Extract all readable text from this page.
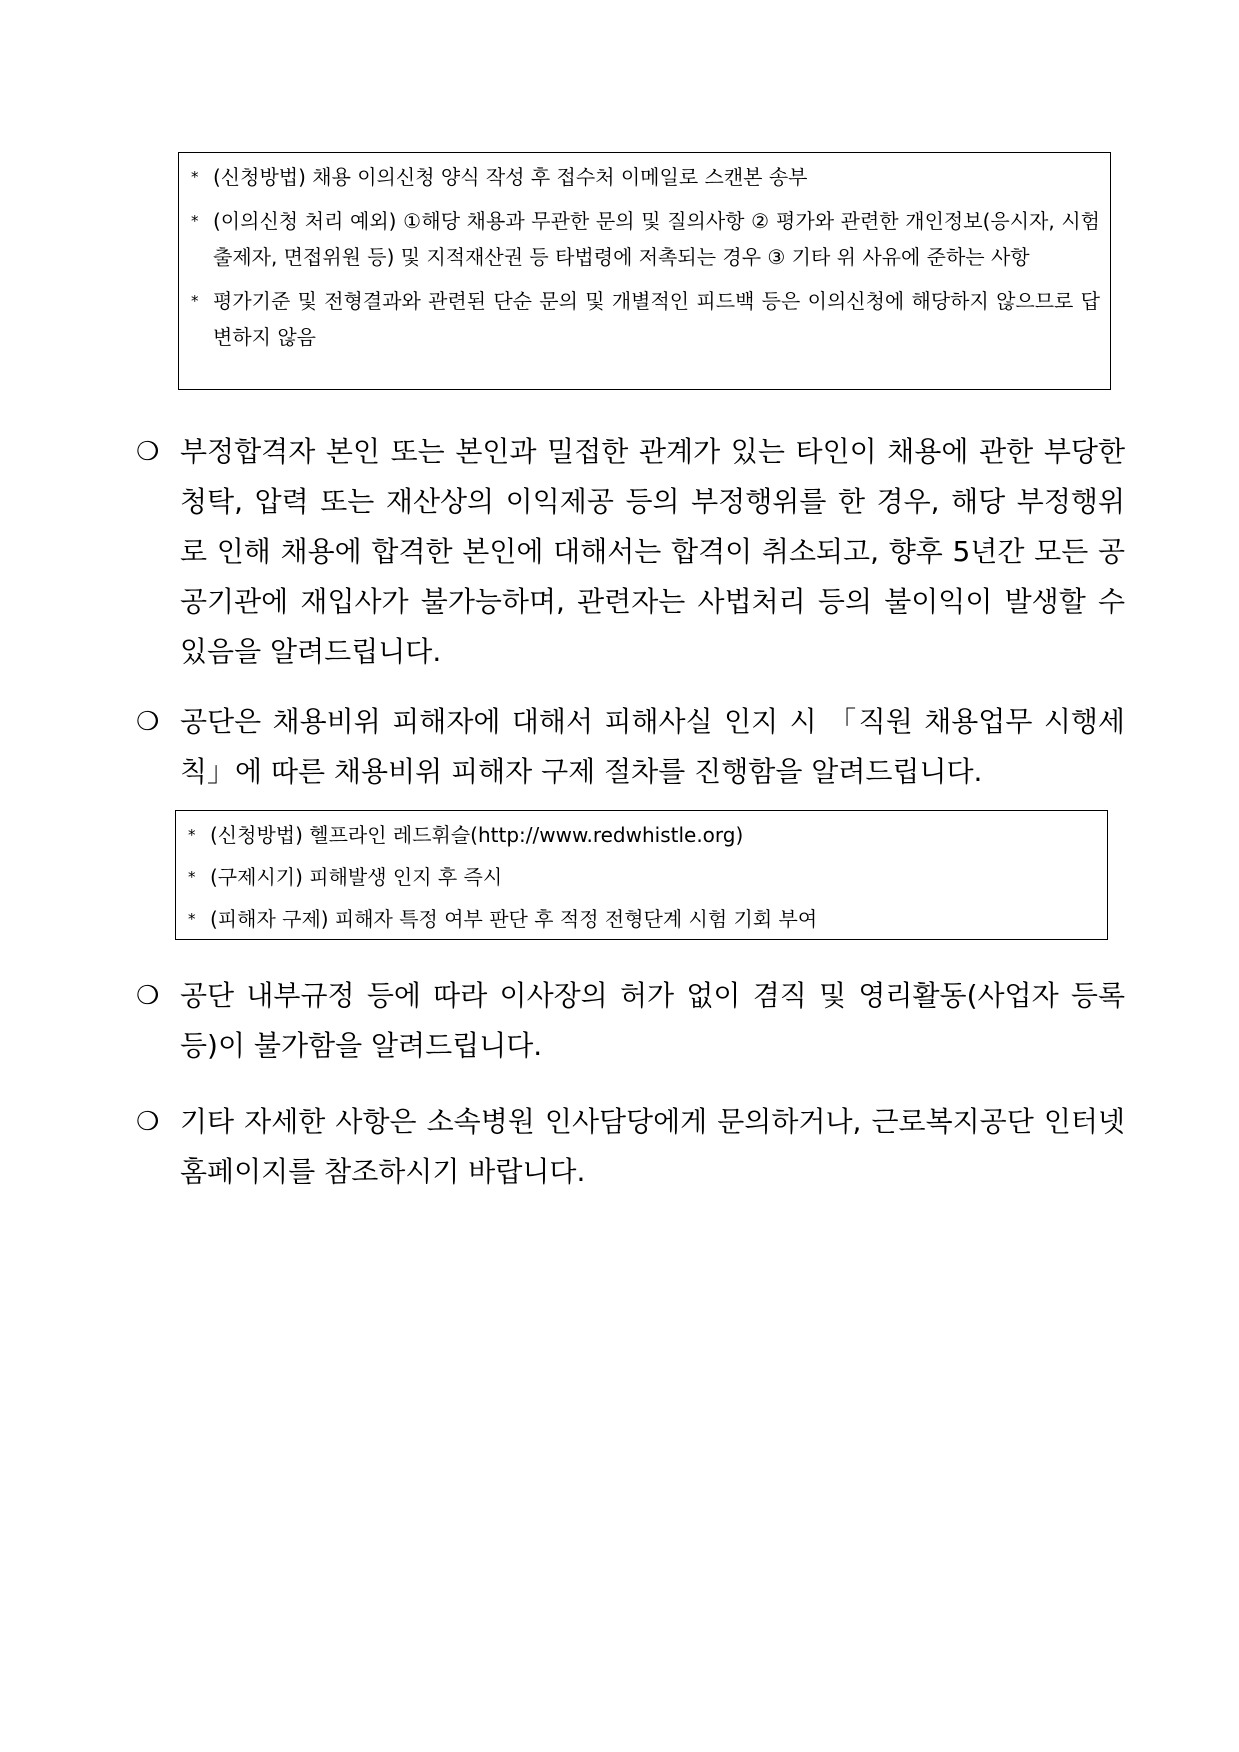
* (신청방법) 채용 이의신청 양식 작성 후 접수처 이메일로 스캔본 송부

* (이의신청 처리 예외) ①해당 채용과 무관한 문의 및 질의사항 ② 평가와 관련한 개인정보(응시자, 시험출제자, 면접위원 등) 및 지적재산권 등 타법령에 저촉되는 경우 ③ 기타 위 사유에 준하는 사항

* 평가기준 및 전형결과와 관련된 단순 문의 및 개별적인 피드백 등은 이의신청에 해당하지 않으므로 답변하지 않음

❍ 부정합격자 본인 또는 본인과 밀접한 관계가 있는 타인이 채용에 관한 부당한 청탁, 압력 또는 재산상의 이익제공 등의 부정행위를 한 경우, 해당 부정행위로 인해 채용에 합격한 본인에 대해서는 합격이 취소되고, 향후 5년간 모든 공공기관에 재입사가 불가능하며, 관련자는 사법처리 등의 불이익이 발생할 수 있음을 알려드립니다.

❍ 공단은 채용비위 피해자에 대해서 피해사실 인지 시 「직원 채용업무 시행세칙」에 따른 채용비위 피해자 구제 절차를 진행함을 알려드립니다.

* (신청방법) 헬프라인 레드휘슬(http://www.redwhistle.org)

* (구제시기) 피해발생 인지 후 즉시

* (피해자 구제) 피해자 특정 여부 판단 후 적정 전형단계 시험 기회 부여

❍ 공단 내부규정 등에 따라 이사장의 허가 없이 겸직 및 영리활동(사업자 등록 등)이 불가함을 알려드립니다.

❍ 기타 자세한 사항은 소속병원 인사담당에게 문의하거나, 근로복지공단 인터넷 홈페이지를 참조하시기 바랍니다.
